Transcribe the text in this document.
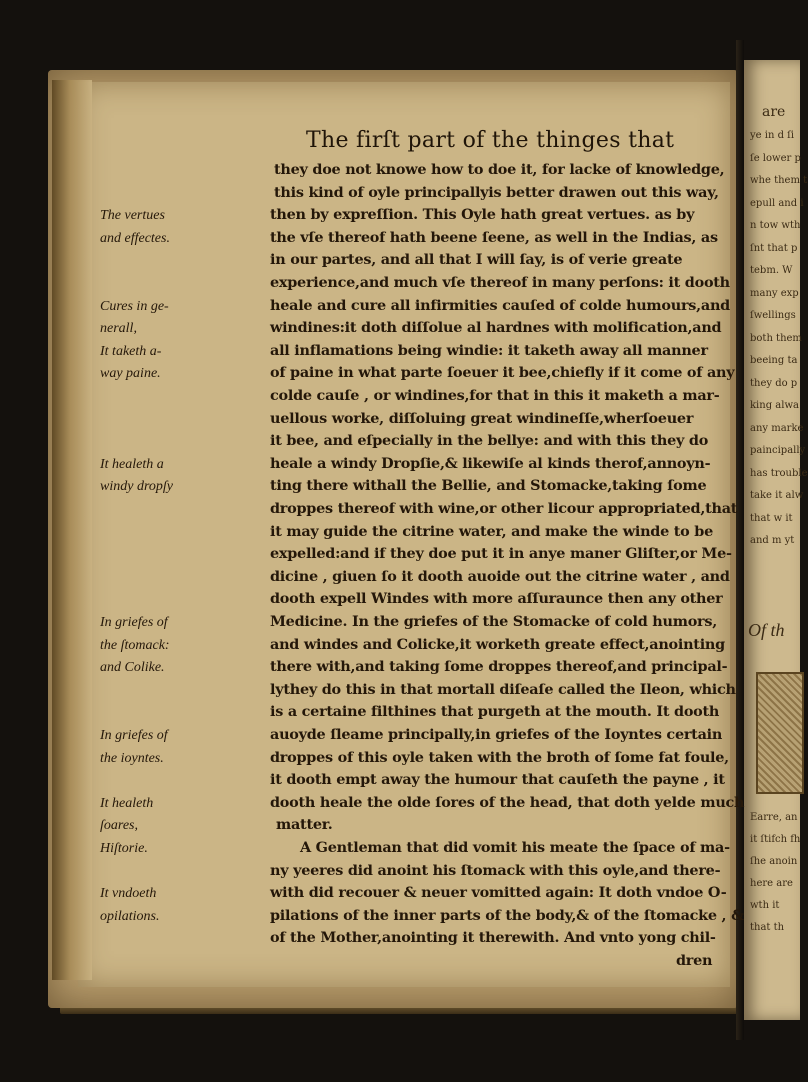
are
ye in d ſi
ſe lower p
whe them t
epull and i
n tow wth
ſnt that p
tebm. W
many exp
ſwellings
both them
beeing ta
they do p
king alwa
any marke
paincipally
has trouble
take it alw
that w it
and m yt
Of th
Earre, an
it ſtifch fh
ſhe anoin
here are
wth it
that th
The firſt part of the thinges that
they doe not knowe how to doe it, for lacke of knowledge,
this kind of oyle principallyis better drawen out this way,
then by expreſſion. This Oyle hath great vertues. as by
the vſe thereof hath beene ſeene, as well in the Indias, as
in our partes, and all that I will ſay, is of verie greate
experience,and much vſe thereof in many perſons: it dooth
heale and cure all infirmities cauſed of colde humours,and
windines:it doth diſſolue al hardnes with molification,and
all inflamations being windie: it taketh away all manner
of paine in what parte ſoeuer it bee,chiefly if it come of any
colde cauſe , or windines,for that in this it maketh a mar-
uellous worke, diſſoluing great windineſſe,wherſoeuer
it bee, and eſpecially in the bellye: and with this they do
heale a windy Dropſie,& likewiſe al kinds therof,annoyn-
ting there withall the Bellie, and Stomacke,taking ſome
droppes thereof with wine,or other licour appropriated,that
it may guide the citrine water, and make the winde to be
expelled:and if they doe put it in anye maner Gliſter,or Me-
dicine , giuen ſo it dooth auoide out the citrine water , and
dooth expell Windes with more aſſuraunce then any other
Medicine. In the griefes of the Stomacke of cold humors,
and windes and Colicke,it worketh greate effect,anointing
there with,and taking ſome droppes thereof,and principal-
lythey do this in that mortall diſeaſe called the Ileon, which
is a certaine filthines that purgeth at the mouth. It dooth
auoyde ſleame principally,in griefes of the Ioyntes certain
droppes of this oyle taken with the broth of ſome fat foule,
it dooth empt away the humour that cauſeth the payne , it
dooth heale the olde ſores of the head, that doth yelde much
matter.
A Gentleman that did vomit his meate the ſpace of ma-
ny yeeres did anoint his ſtomack with this oyle,and there-
with did recouer & neuer vomitted again: It doth vndoe O-
pilations of the inner parts of the body,& of the ſtomacke , &
of the Mother,anointing it therewith. And vnto yong chil-
dren
The vertues
and effectes.
Cures in ge-
nerall,
It taketh a-
way paine.
It healeth a
windy dropſy
In griefes of
the ſtomack:
and Colike.
In griefes of
the ioyntes.
It healeth
ſoares,
Hiſtorie.
It vndoeth
opilations.
